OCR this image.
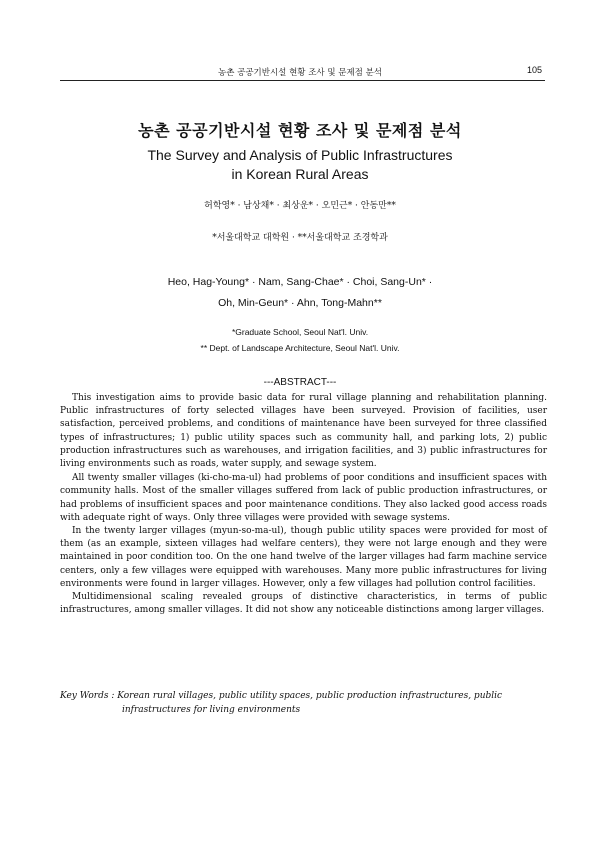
농촌 공공기반시설 현황 조사 및 문제점 분석	105
농촌 공공기반시설 현황 조사 및 문제점 분석
The Survey and Analysis of Public Infrastructures
in Korean Rural Areas
허학영* · 남상채* · 최상운* · 오민근* · 안동만**
*서울대학교 대학원 · **서울대학교 조경학과
Heo, Hag-Young* · Nam, Sang-Chae* · Choi, Sang-Un* ·
Oh, Min-Geun* · Ahn, Tong-Mahn**
*Graduate School, Seoul Nat'l. Univ.
** Dept. of Landscape Architecture, Seoul Nat'l. Univ.
---ABSTRACT---

This investigation aims to provide basic data for rural village planning and rehabilitation planning. Public infrastructures of forty selected villages have been surveyed. Provision of facilities, user satisfaction, perceived problems, and conditions of maintenance have been surveyed for three classified types of infrastructures; 1) public utility spaces such as community hall, and parking lots, 2) public production infrastructures such as warehouses, and irrigation facilities, and 3) public infrastructures for living environments such as roads, water supply, and sewage system.

All twenty smaller villages (ki-cho-ma-ul) had problems of poor conditions and insufficient spaces with community halls. Most of the smaller villages suffered from lack of public production infrastructures, or had problems of insufficient spaces and poor maintenance conditions. They also lacked good access roads with adequate right of ways. Only three villages were provided with sewage systems.

In the twenty larger villages (myun-so-ma-ul), though public utility spaces were provided for most of them (as an example, sixteen villages had welfare centers), they were not large enough and they were maintained in poor condition too. On the one hand twelve of the larger villages had farm machine service centers, only a few villages were equipped with warehouses. Many more public infrastructures for living environments were found in larger villages. However, only a few villages had pollution control facilities.

Multidimensional scaling revealed groups of distinctive characteristics, in terms of public infrastructures, among smaller villages. It did not show any noticeable distinctions among larger villages.

Key Words : Korean rural villages, public utility spaces, public production infrastructures, public infrastructures for living environments
